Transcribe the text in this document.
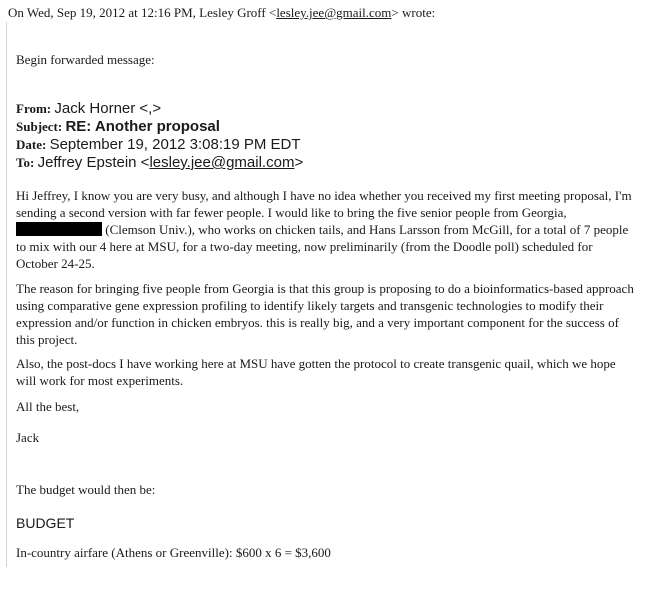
On Wed, Sep 19, 2012 at 12:16 PM, Lesley Groff <lesley.jee@gmail.com> wrote:
Begin forwarded message:
From: Jack Horner <,>
Subject: RE: Another proposal
Date: September 19, 2012 3:08:19 PM EDT
To: Jeffrey Epstein <lesley.jee@gmail.com>
Hi Jeffrey, I know you are very busy, and although I have no idea whether you received my first meeting proposal, I'm sending a second version with far fewer people. I would like to bring the five senior people from Georgia,  (Clemson Univ.), who works on chicken tails, and Hans Larsson from McGill, for a total of 7 people to mix with our 4 here at MSU, for a two-day meeting, now preliminarily (from the Doodle poll) scheduled for October 24-25.
The reason for bringing five people from Georgia is that this group is proposing to do a bioinformatics-based approach using comparative gene expression profiling to identify likely targets and transgenic technologies to modify their expression and/or function in chicken embryos. this is really big, and a very important component for the success of this project.
Also, the post-docs I have working here at MSU have gotten the protocol to create transgenic quail, which we hope will work for most experiments.
All the best,
Jack
The budget would then be:
BUDGET
In-country airfare (Athens or Greenville): $600 x 6 = $3,600
